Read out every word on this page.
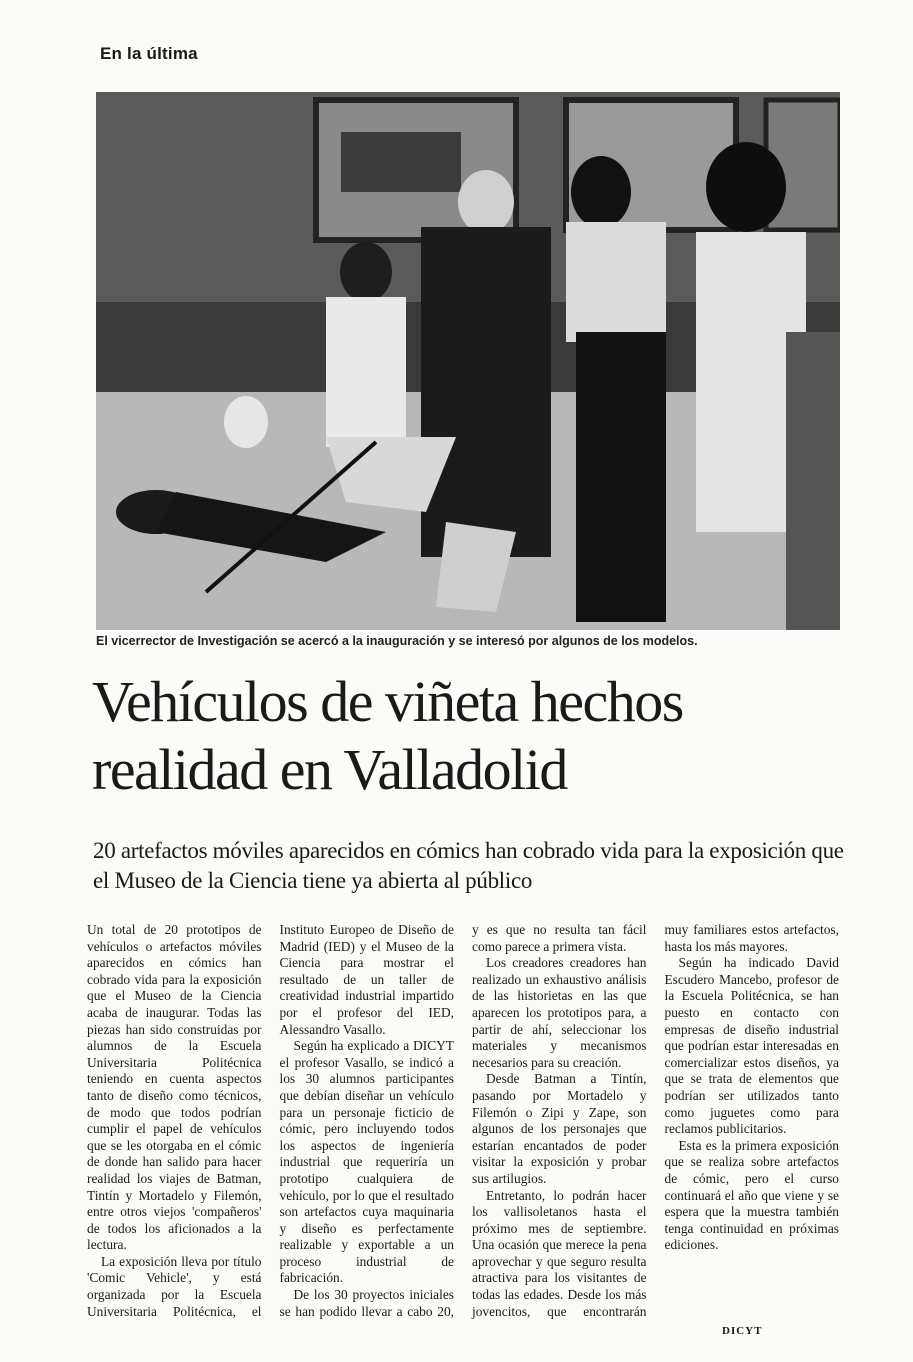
En la última
El vicerrector de Investigación se acercó a la inauguración y se interesó por algunos de los modelos.
Vehículos de viñeta hechos
realidad en Valladolid

20 artefactos móviles aparecidos en cómics han cobrado vida para la exposición que el Museo de la Ciencia tiene ya abierta al público

Un total de 20 prototipos de vehículos o artefactos móviles aparecidos en cómics han cobrado vida para la exposición que el Museo de la Ciencia acaba de inaugurar. Todas las piezas han sido construidas por alumnos de la Escuela Universitaria Politécnica teniendo en cuenta aspectos tanto de diseño como técnicos, de modo que todos podrían cumplir el papel de vehículos que se les otorgaba en el cómic de donde han salido para hacer realidad los viajes de Batman, Tintín y Mortadelo y Filemón, entre otros viejos 'compañeros' de todos los aficionados a la lectura.

La exposición lleva por título 'Comic Vehicle', y está organizada por la Escuela Universitaria Politécnica, el Instituto Europeo de Diseño de Madrid (IED) y el Museo de la Ciencia para mostrar el resultado de un taller de creatividad industrial impartido por el profesor del IED, Alessandro Vasallo.

Según ha explicado a DICYT el profesor Vasallo, se indicó a los 30 alumnos participantes que debían diseñar un vehículo para un personaje ficticio de cómic, pero incluyendo todos los aspectos de ingeniería industrial que requeriría un prototipo cualquiera de vehículo, por lo que el resultado son artefactos cuya maquinaria y diseño es perfectamente realizable y exportable a un proceso industrial de fabricación.

De los 30 proyectos iniciales se han podido llevar a cabo 20, y es que no resulta tan fácil como parece a primera vista.

Los creadores creadores han realizado un exhaustivo análisis de las historietas en las que aparecen los prototipos para, a partir de ahí, seleccionar los materiales y mecanismos necesarios para su creación.

Desde Batman a Tintín, pasando por Mortadelo y Filemón o Zipi y Zape, son algunos de los personajes que estarían encantados de poder visitar la exposición y probar sus artilugios.

Entretanto, lo podrán hacer los vallisoletanos hasta el próximo mes de septiembre. Una ocasión que merece la pena aprovechar y que seguro resulta atractiva para los visitantes de todas las edades. Desde los más jovencitos, que encontrarán muy familiares estos artefactos, hasta los más mayores.

Según ha indicado David Escudero Mancebo, profesor de la Escuela Politécnica, se han puesto en contacto con empresas de diseño industrial que podrían estar interesadas en comercializar estos diseños, ya que se trata de elementos que podrían ser utilizados tanto como juguetes como para reclamos publicitarios.

Esta es la primera exposición que se realiza sobre artefactos de cómic, pero el curso continuará el año que viene y se espera que la muestra también tenga continuidad en próximas ediciones.

DICYT
